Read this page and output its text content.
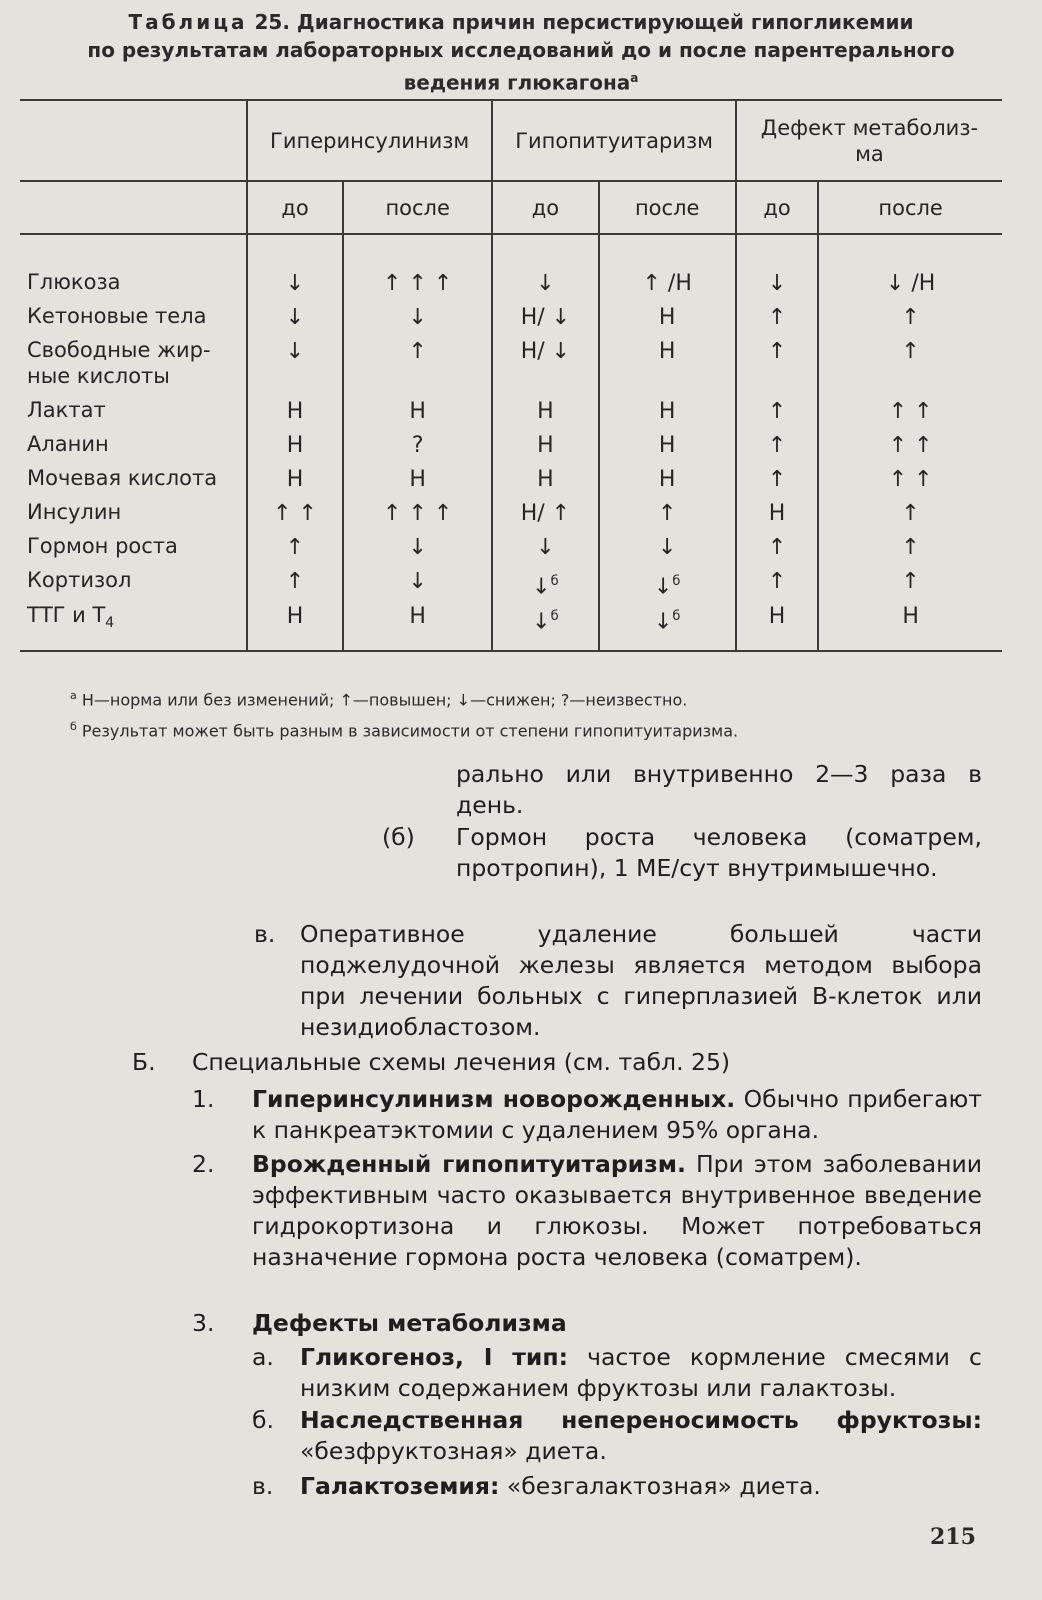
Таблица 25. Диагностика причин персистирующей гипогликемии
по результатам лабораторных исследований до и после парентерального
ведения глюкагона$^а$
	Гиперинсулинизм		Гипопитуитаризм		Дефект метаболиз-
ма	
	до	после	до	после	до	после

Глюкоза	↓	↑ ↑ ↑	↓	↑ /Н	↓	↓ /Н
Кетоновые тела	↓	↓	Н/ ↓	Н	↑	↑
Свободные жир-
ные кислоты	↓	↑	Н/ ↓	Н	↑	↑
Лактат	Н	Н	Н	Н	↑	↑ ↑
Аланин	Н	?	Н	Н	↑	↑ ↑
Мочевая кислота	Н	Н	Н	Н	↑	↑ ↑
Инсулин	↑ ↑	↑ ↑ ↑	Н/ ↑	↑	Н	↑
Гормон роста	↑	↓	↓	↓	↑	↑
Кортизол	↑	↓	↓$^б$	↓$^б$	↑	↑
ТТГ и $Т_4$	Н	Н	↓$^б$	↓$^б$	Н	Н
$^а$ Н—норма или без изменений; ↑—повышен; ↓—снижен; ?—неизвестно.
$^б$ Результат может быть разным в зависимости от степени гипопитуитаризма.
рально или внутривенно 2—3 раза в день.
(б) Гормон роста человека (соматрем, протропин), 1 МЕ/сут внутримышечно.
в. Оперативное удаление большей части поджелудочной железы является методом выбора при лечении больных с гиперплазией В-клеток или незидиобластозом.
Б. Специальные схемы лечения (см. табл. 25)
1. Гиперинсулинизм новорожденных. Обычно прибегают к панкреатэктомии с удалением 95% органа.
2. Врожденный гипопитуитаризм. При этом заболевании эффективным часто оказывается внутривенное введение гидрокортизона и глюкозы. Может потребоваться назначение гормона роста человека (соматрем).
3. Дефекты метаболизма
а. Гликогеноз, I тип: частое кормление смесями с низким содержанием фруктозы или галактозы.
б. Наследственная непереносимость фруктозы: «безфруктозная» диета.
в. Галактоземия: «безгалактозная» диета.
215
